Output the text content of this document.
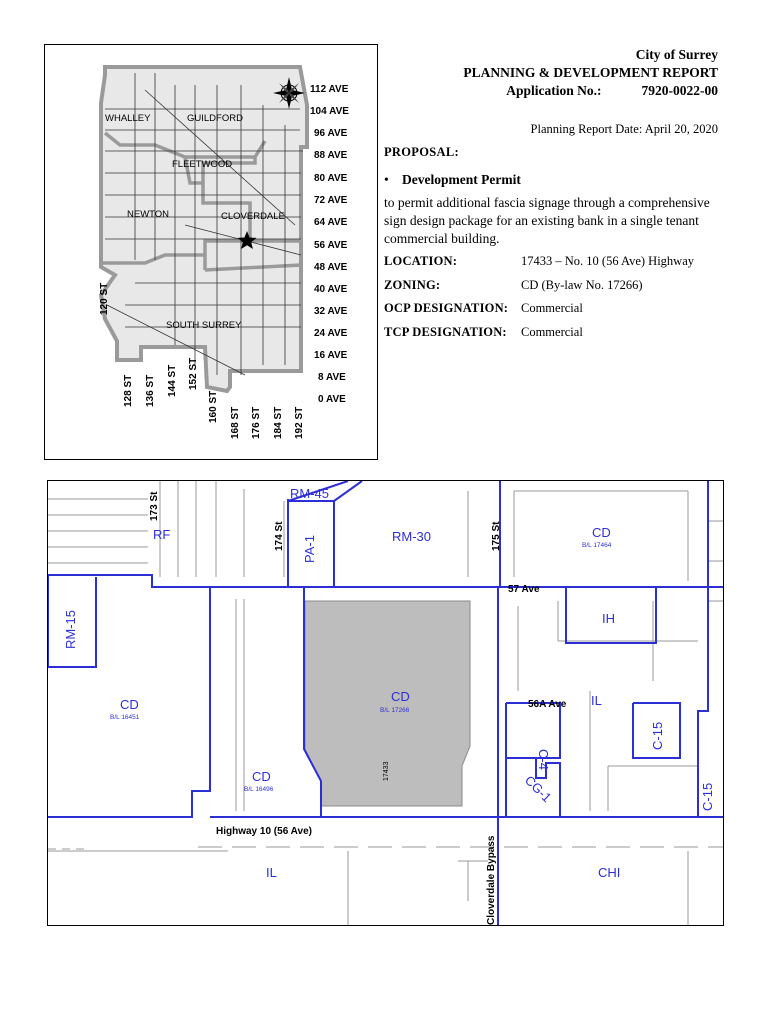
WHALLEY	GUILDFORD
FLEETWOOD
NEWTON	CLOVERDALE
SOUTH SURREY
112 AVE
104 AVE
96 AVE
88 AVE
80 AVE
72 AVE
64 AVE
56 AVE
48 AVE
40 AVE
32 AVE
24 AVE
16 AVE
8 AVE
0 AVE
120 ST
128 ST 136 ST 144 ST 152 ST
160 ST 168 ST 176 ST 184 ST 192 ST
City of Surrey
PLANNING & DEVELOPMENT REPORT
Application No.:	7920-0022-00
Planning Report Date: April 20, 2020
PROPOSAL:
• Development Permit
to permit additional fascia signage through a comprehensive sign design package for an existing bank in a single tenant commercial building.
LOCATION:	17433 – No. 10 (56 Ave) Highway
ZONING:	CD (By-law No. 17266)
OCP DESIGNATION:	Commercial
TCP DESIGNATION:	Commercial
RF
RM-45
PA-1	RM-30	CD
B/L 17464
RM-15
CD
B/L 16451
CD
B/L 17266
CD
B/L 16496
IH
IL
C-4
C-15
CG-1	C-15
IL	CHI
173 St
174 St	175 St
57 Ave
56A Ave
Highway 10 (56 Ave)
Cloverdale Bypass
17433
